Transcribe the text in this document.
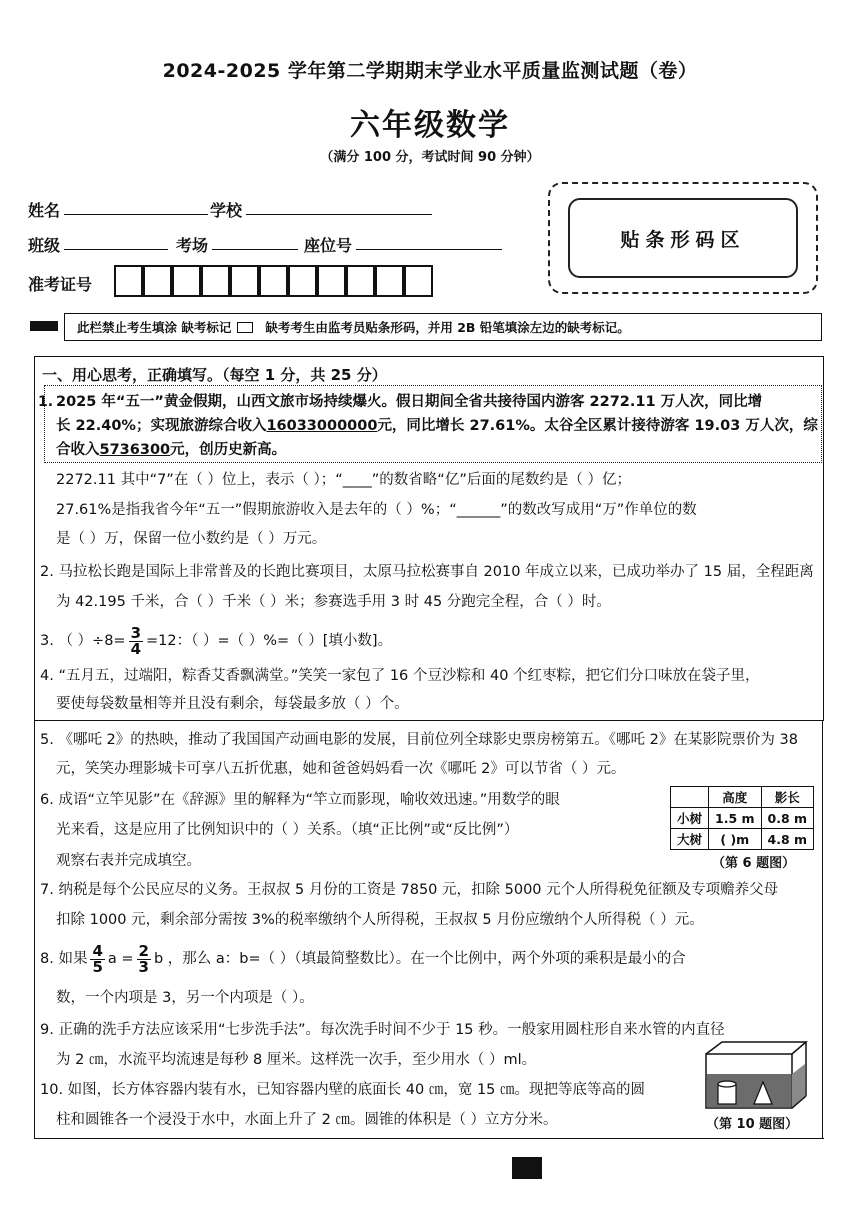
2024-2025 学年第二学期期末学业水平质量监测试题（卷）
六年级数学
（满分 100 分，考试时间 90 分钟）
姓名	学校
班级	考场	座位号
准考证号
贴条形码区
此栏禁止考生填涂 缺考标记	缺考考生由监考员贴条形码，并用 2B 铅笔填涂左边的缺考标记。
一、用心思考，正确填写。（每空 1 分，共 25 分）
1. 2025 年“五一”黄金假期，山西文旅市场持续爆火。假日期间全省共接待国内游客 2272.11 万人次，同比增
长 22.40%；实现旅游综合收入16033000000元，同比增长 27.61%。太谷全区累计接待游客 19.03 万人次，综
合收入5736300元，创历史新高。
2272.11 其中“7”在（ ）位上，表示（ ）；“____”的数省略“亿”后面的尾数约是（ ）亿；
27.61%是指我省今年“五一”假期旅游收入是去年的（ ）%；“______”的数改写成用“万”作单位的数
是（ ）万，保留一位小数约是（ ）万元。
2. 马拉松长跑是国际上非常普及的长跑比赛项目，太原马拉松赛事自 2010 年成立以来，已成功举办了 15 届，全程距离
为 42.195 千米，合（ ）千米（ ）米；参赛选手用 3 时 45 分跑完全程，合（ ）时。
3. （ ）$\div 8= \frac{3}{4} =12$：（ ）=（ ）%=（ ）[填小数]。
4. “五月五，过端阳，粽香艾香飘满堂。”笑笑一家包了 16 个豆沙粽和 40 个红枣粽，把它们分口味放在袋子里，
要使每袋数量相等并且没有剩余，每袋最多放（ ）个。
5. 《哪吒 2》的热映，推动了我国国产动画电影的发展，目前位列全球影史票房榜第五。《哪吒 2》在某影院票价为 38
元，笑笑办理影城卡可享八五折优惠，她和爸爸妈妈看一次《哪吒 2》可以节省（ ）元。
6. 成语“立竿见影”在《辞源》里的解释为“竿立而影现，喻收效迅速。”用数学的眼
光来看，这是应用了比例知识中的（ ）关系。（填“正比例”或“反比例”）
观察右表并完成填空。
	高度	影长
小树	1.5 m	0.8 m
大树	( )m	4.8 m
（第 6 题图）
7. 纳税是每个公民应尽的义务。王叔叔 5 月份的工资是 7850 元，扣除 5000 元个人所得税免征额及专项赡养父母
扣除 1000 元，剩余部分需按 3%的税率缴纳个人所得税，王叔叔 5 月份应缴纳个人所得税（ ）元。
8. 如果 $\frac{4}{5}$ $a = \frac{2}{3}$ b ，那么 a：b=（ ）（填最简整数比）。在一个比例中，两个外项的乘积是最小的合
数，一个内项是 3，另一个内项是（ ）。
9. 正确的洗手方法应该采用“七步洗手法”。每次洗手时间不少于 15 秒。一般家用圆柱形自来水管的内直径
为 2 ㎝，水流平均流速是每秒 8 厘米。这样洗一次手，至少用水（ ）ml。
10. 如图，长方体容器内装有水，已知容器内壁的底面长 40 ㎝，宽 15 ㎝。现把等底等高的圆
柱和圆锥各一个浸没于水中，水面上升了 2 ㎝。圆锥的体积是（ ）立方分米。	（第 10 题图）
